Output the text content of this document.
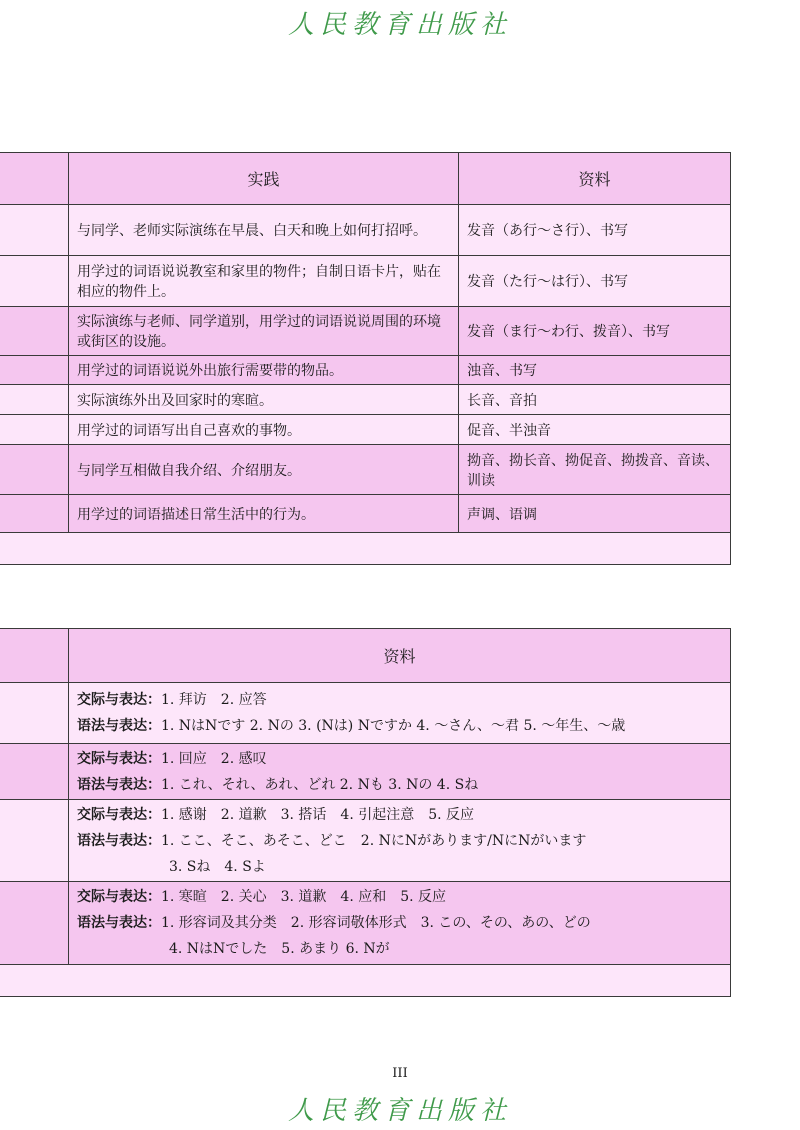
人民教育出版社
	实践	资料
	与同学、老师实际演练在早晨、白天和晚上如何打招呼。	发音（あ行～さ行）、书写
	用学过的词语说说教室和家里的物件；自制日语卡片，贴在相应的物件上。	发音（た行～は行）、书写
	实际演练与老师、同学道别，用学过的词语说说周围的环境或街区的设施。	发音（ま行～わ行、拨音）、书写
	用学过的词语说说外出旅行需要带的物品。	浊音、书写
	实际演练外出及回家时的寒暄。	长音、音拍
	用学过的词语写出自己喜欢的事物。	促音、半浊音
	与同学互相做自我介绍、介绍朋友。	拗音、拗长音、拗促音、拗拨音、音读、训读
	用学过的词语描述日常生活中的行为。	声调、语调

	资料

	交际与表达：1. 拜访　2. 应答
语法与表达：1. NはNです 2. Nの 3. (Nは) Nですか 4. ～さん、～君 5. ～年生、～歳

	交际与表达：1. 回应　2. 感叹
语法与表达：1. これ、それ、あれ、どれ 2. Nも 3. Nの 4. Sね

	交际与表达：1. 感谢　2. 道歉　3. 搭话　4. 引起注意　5. 反应
语法与表达：1. ここ、そこ、あそこ、どこ　2. NにNがあります/NにNがいます
3. Sね　4. Sよ

	交际与表达：1. 寒暄　2. 关心　3. 道歉　4. 应和　5. 反应
语法与表达：1. 形容词及其分类　2. 形容词敬体形式　3. この、その、あの、どの
4. NはNでした　5. あまり 6. Nが

III
人民教育出版社
